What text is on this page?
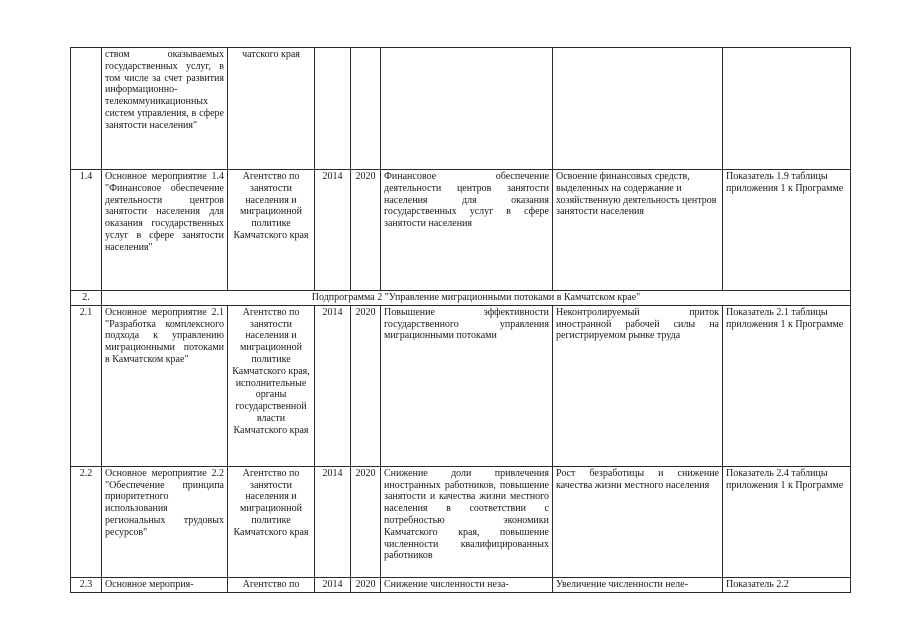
	ством оказываемых государственных услуг, в том числе за счет развития информационно-телекоммуникационных систем управления, в сфере занятости населения"	чатского края					
1.4	Основное мероприятие 1.4 "Финансовое обеспечение деятельности центров занятости населения для оказания государственных услуг в сфере занятости населения"	Агентство по занятости населения и миграционной политике Камчатского края	2014	2020	Финансовое обеспечение деятельности центров занятости населения для оказания государственных услуг в сфере занятости населения	Освоение финансовых средств, выделенных на содержание и хозяйственную деятельность центров занятости населения	Показатель 1.9 таблицы приложения 1 к Программе
2.	Подпрограмма 2 "Управление миграционными потоками в Камчатском крае"						
2.1	Основное мероприятие 2.1 "Разработка комплексного подхода к управлению миграционными потоками в Камчатском крае"	Агентство по занятости населения и миграционной политике Камчатского края, исполнительные органы государственной власти Камчатского края	2014	2020	Повышение эффективности государственного управления миграционными потоками	Неконтролируемый приток иностранной рабочей силы на регистрируемом рынке труда	Показатель 2.1 таблицы приложения 1 к Программе
2.2	Основное мероприятие 2.2 "Обеспечение принципа приоритетного использования региональных трудовых ресурсов"	Агентство по занятости населения и миграционной политике Камчатского края	2014	2020	Снижение доли привлечения иностранных работников, повышение занятости и качества жизни местного населения в соответствии с потребностью экономики Камчатского края, повышение численности квалифицированных работников	Рост безработицы и снижение качества жизни местного населения	Показатель 2.4 таблицы приложения 1 к Программе
2.3	Основное мероприя-	Агентство по	2014	2020	Снижение численности неза-	Увеличение численности неле-	Показатель 2.2
